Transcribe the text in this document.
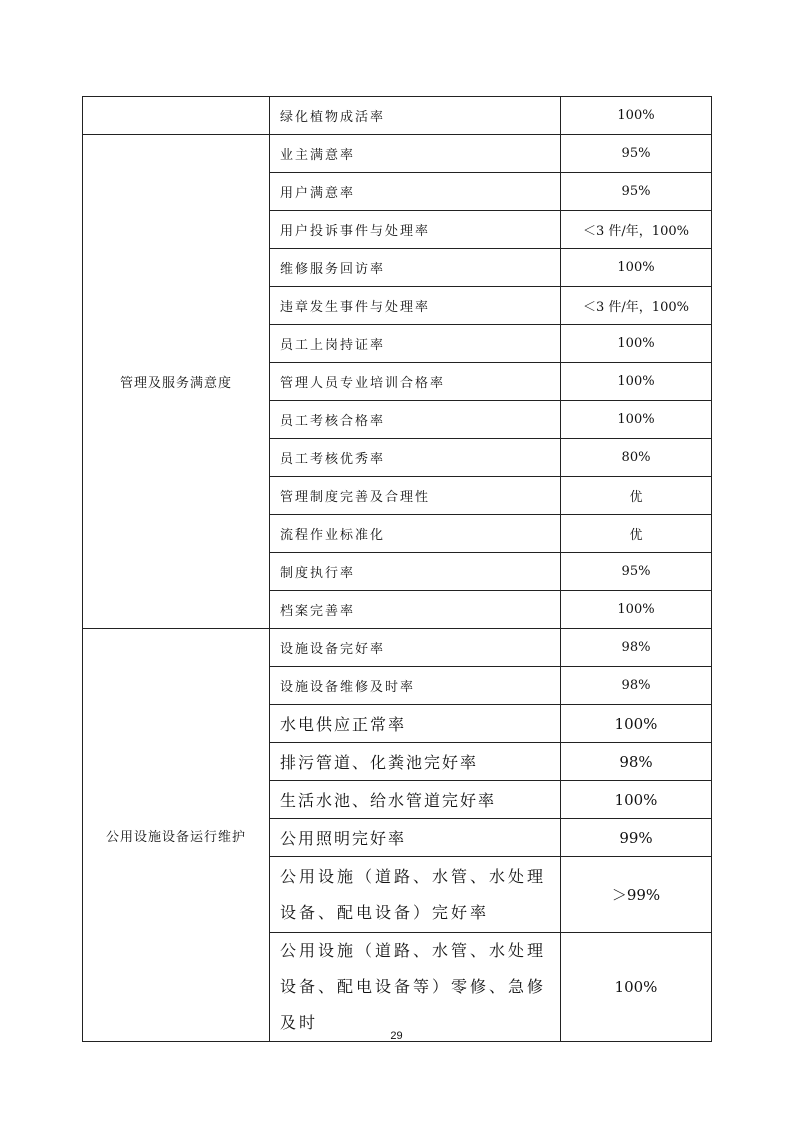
	绿化植物成活率	100%
管理及服务满意度	业主满意率	95%
	用户满意率	95%
	用户投诉事件与处理率	＜3 件/年，100%
	维修服务回访率	100%
	违章发生事件与处理率	＜3 件/年，100%
	员工上岗持证率	100%
	管理人员专业培训合格率	100%
	员工考核合格率	100%
	员工考核优秀率	80%
	管理制度完善及合理性	优
	流程作业标准化	优
	制度执行率	95%
	档案完善率	100%
公用设施设备运行维护	设施设备完好率	98%
	设施设备维修及时率	98%
	水电供应正常率	100%
	排污管道、化粪池完好率	98%
	生活水池、给水管道完好率	100%
	公用照明完好率	99%
	公用设施（道路、水管、水处理设备、配电设备）完好率	＞99%
	公用设施（道路、水管、水处理设备、配电设备等）零修、急修及时	100%
29
